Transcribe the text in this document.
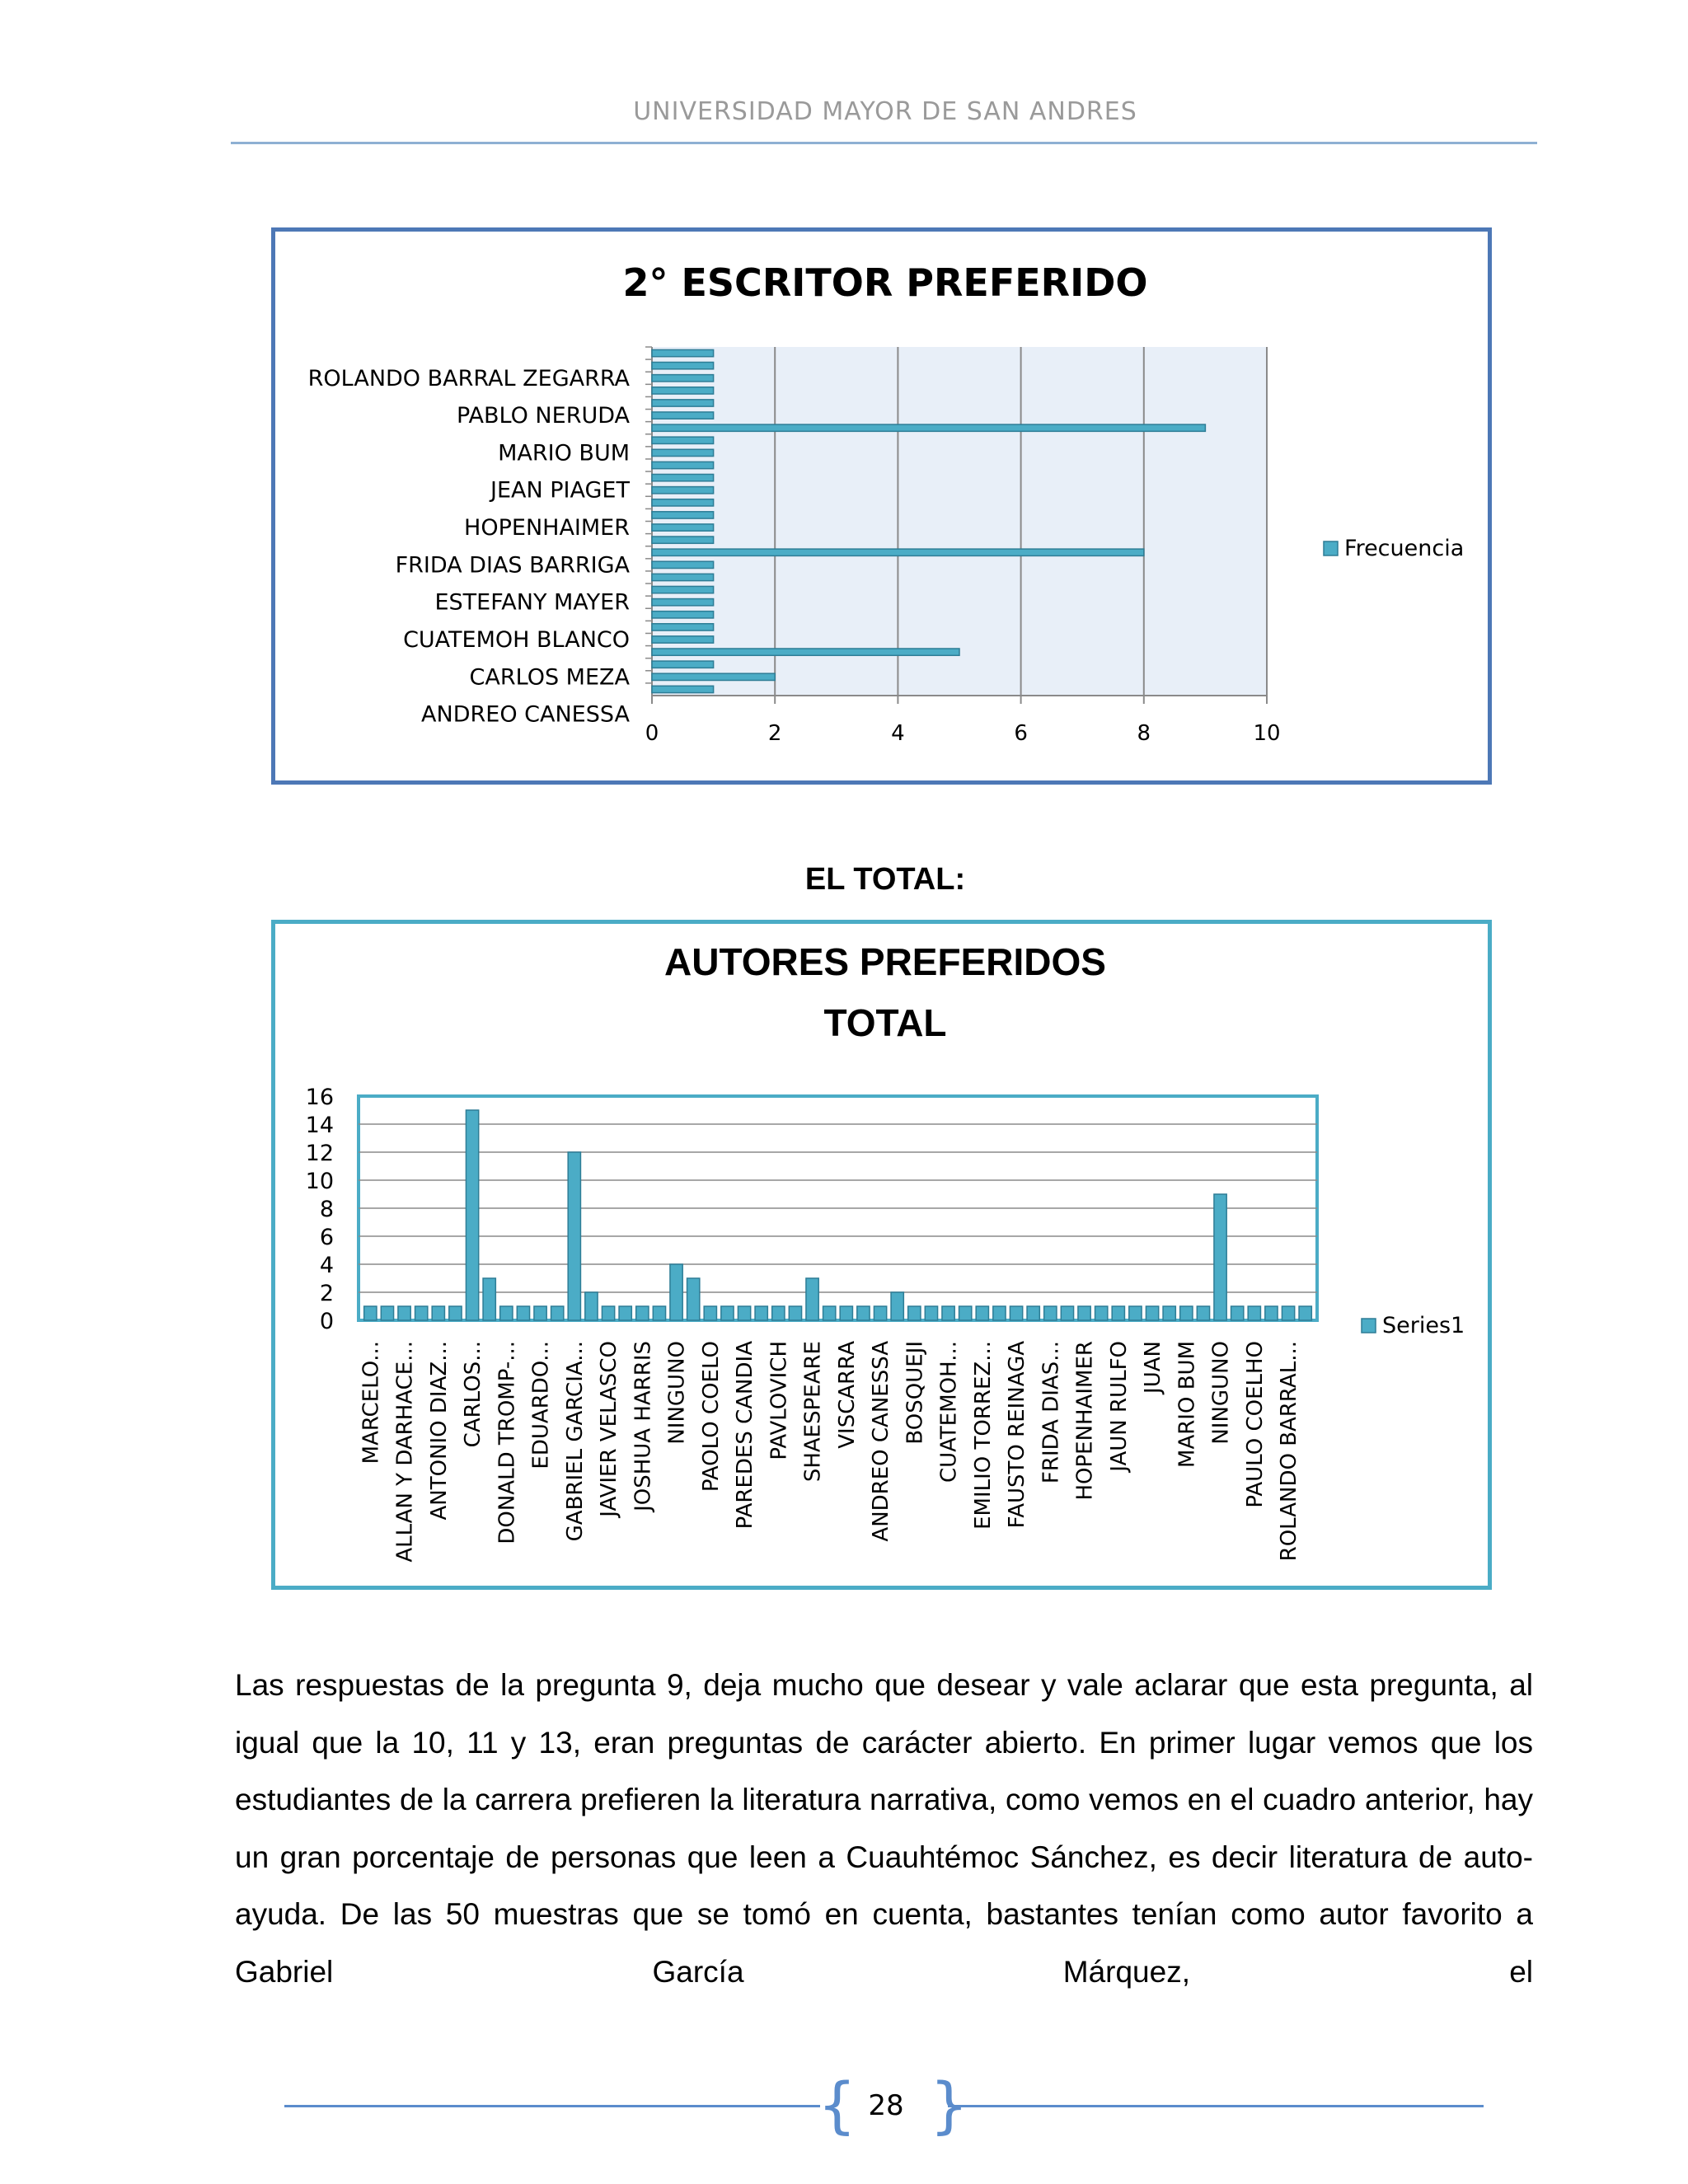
UNIVERSIDAD MAYOR DE SAN ANDRES
2° ESCRITOR PREFERIDO
0	2	4	6	8	10
ROLANDO BARRAL ZEGARRA
PABLO NERUDA
MARIO BUM
JEAN PIAGET
HOPENHAIMER
FRIDA DIAS BARRIGA
ESTEFANY MAYER
CUATEMOH BLANCO
CARLOS MEZA
ANDREO CANESSA
Frecuencia
EL TOTAL:
AUTORES PREFERIDOS
TOTAL
0
2
4
6
8
10
12
14
16
MARCELO... ALLAN Y DARHACE... ANTONIO DIAZ... CARLOS... DONALD TROMP-... EDUARDO... GABRIEL GARCIA... JAVIER VELASCO JOSHUA HARRIS NINGUNO PAOLO COELO PAREDES CANDIA PAVLOVICH SHAESPEARE VISCARRA ANDREO CANESSA BOSQUEJI CUATEMOH... EMILIO TORREZ... FAUSTO REINAGA FRIDA DIAS... HOPENHAIMER JAUN RULFO JUAN MARIO BUM NINGUNO PAULO COELHO ROLANDO BARRAL...
Series1
Las respuestas de la pregunta 9, deja mucho que desear y vale aclarar que esta pregunta, al igual que la 10, 11 y 13, eran preguntas de carácter abierto. En primer lugar vemos que los estudiantes de la carrera prefieren la literatura narrativa, como vemos en el cuadro anterior, hay un gran porcentaje de personas que leen a Cuauhtémoc Sánchez, es decir literatura de auto-ayuda. De las 50 muestras que se tomó en cuenta, bastantes tenían como autor favorito a Gabriel García Márquez, el
{ }
28
